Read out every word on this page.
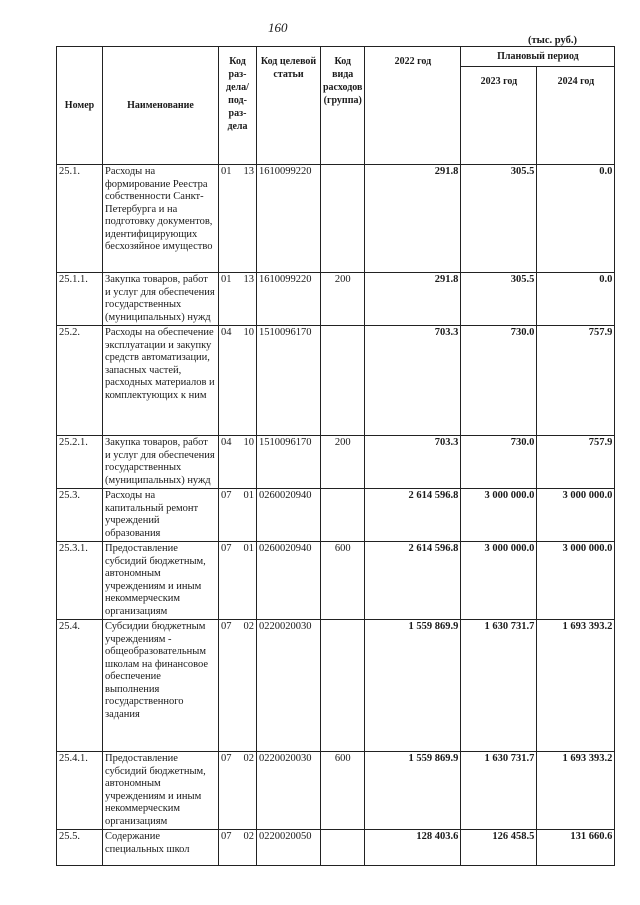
160
(тыс. руб.)
Номер	Наименование	Код раз-дела/ под-раз-дела	Код целевой статьи	Код вида расходов (группа)	2022 год	Плановый период	
						2023 год	2024 год
25.1.	Расходы на формирование Реестра собственности Санкт-Петербурга и на подготовку документов, идентифицирующих бесхозяйное имущество	01 13	1610099220		291.8	305.5	0.0
25.1.1.	Закупка товаров, работ и услуг для обеспечения государственных (муниципальных) нужд	01 13	1610099220	200	291.8	305.5	0.0
25.2.	Расходы на обеспечение эксплуатации и закупку средств автоматизации, запасных частей, расходных материалов и комплектующих к ним	04 10	1510096170		703.3	730.0	757.9
25.2.1.	Закупка товаров, работ и услуг для обеспечения государственных (муниципальных) нужд	04 10	1510096170	200	703.3	730.0	757.9
25.3.	Расходы на капитальный ремонт учреждений образования	07 01	0260020940		2 614 596.8	3 000 000.0	3 000 000.0
25.3.1.	Предоставление субсидий бюджетным, автономным учреждениям и иным некоммерческим организациям	07 01	0260020940	600	2 614 596.8	3 000 000.0	3 000 000.0
25.4.	Субсидии бюджетным учреждениям - общеобразовательным школам на финансовое обеспечение выполнения государственного задания	07 02	0220020030		1 559 869.9	1 630 731.7	1 693 393.2
25.4.1.	Предоставление субсидий бюджетным, автономным учреждениям и иным некоммерческим организациям	07 02	0220020030	600	1 559 869.9	1 630 731.7	1 693 393.2
25.5.	Содержание специальных школ	07 02	0220020050		128 403.6	126 458.5	131 660.6
